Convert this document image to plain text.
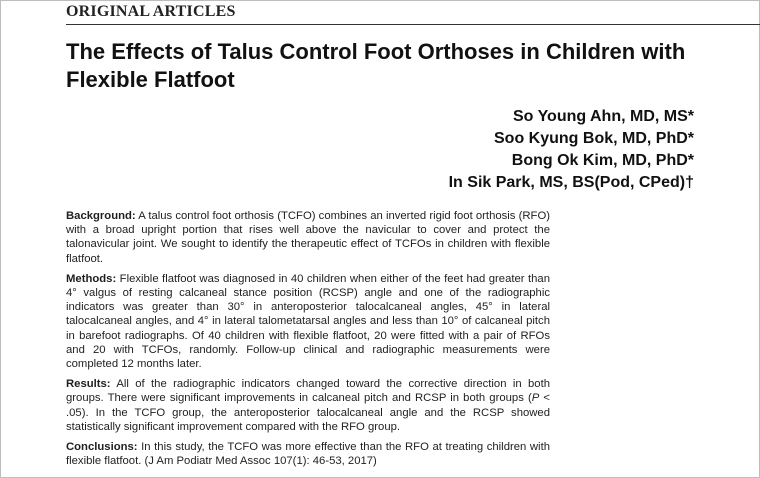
ORIGINAL ARTICLES
The Effects of Talus Control Foot Orthoses in Children with Flexible Flatfoot
So Young Ahn, MD, MS*
Soo Kyung Bok, MD, PhD*
Bong Ok Kim, MD, PhD*
In Sik Park, MS, BS(Pod, CPed)†

Background: A talus control foot orthosis (TCFO) combines an inverted rigid foot orthosis (RFO) with a broad upright portion that rises well above the navicular to cover and protect the talonavicular joint. We sought to identify the therapeutic effect of TCFOs in children with flexible flatfoot.

Methods: Flexible flatfoot was diagnosed in 40 children when either of the feet had greater than 4° valgus of resting calcaneal stance position (RCSP) angle and one of the radiographic indicators was greater than 30° in anteroposterior talocalcaneal angles, 45° in lateral talocalcaneal angles, and 4° in lateral talometatarsal angles and less than 10° of calcaneal pitch in barefoot radiographs. Of 40 children with flexible flatfoot, 20 were fitted with a pair of RFOs and 20 with TCFOs, randomly. Follow-up clinical and radiographic measurements were completed 12 months later.

Results: All of the radiographic indicators changed toward the corrective direction in both groups. There were significant improvements in calcaneal pitch and RCSP in both groups (P < .05). In the TCFO group, the anteroposterior talocalcaneal angle and the RCSP showed statistically significant improvement compared with the RFO group.

Conclusions: In this study, the TCFO was more effective than the RFO at treating children with flexible flatfoot. (J Am Podiatr Med Assoc 107(1): 46-53, 2017)
